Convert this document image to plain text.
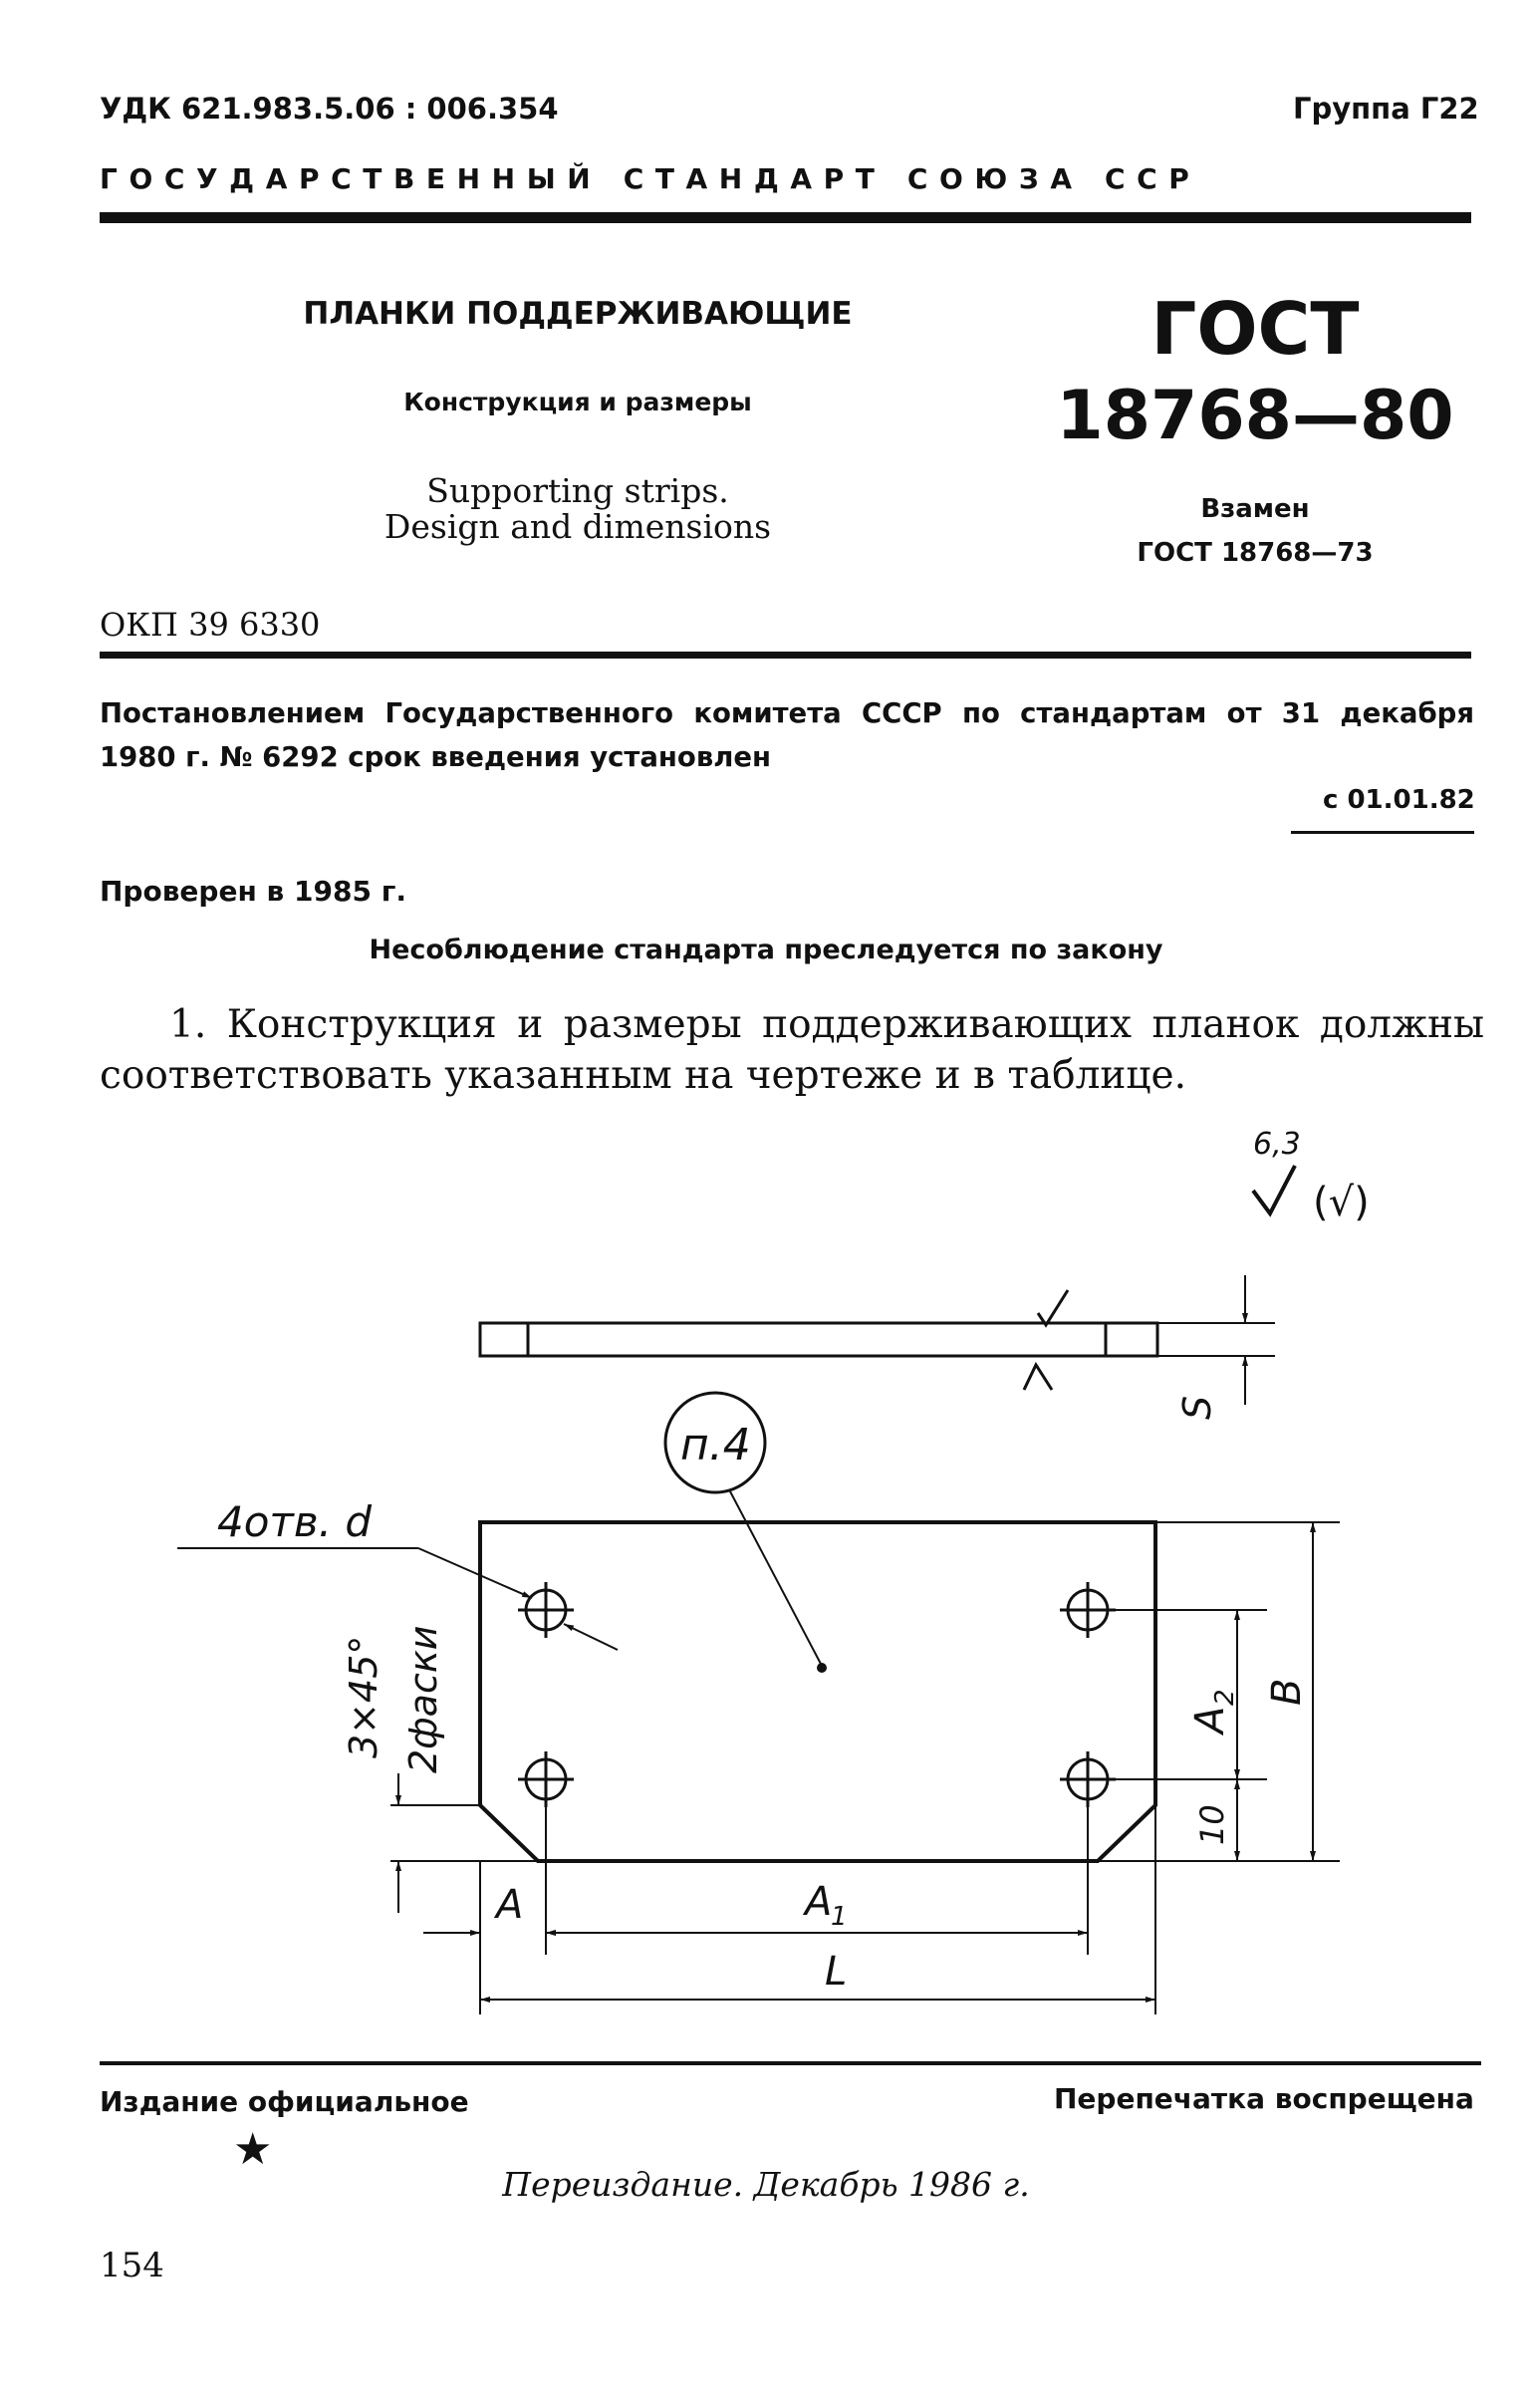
УДК 621.983.5.06 : 006.354	Группа Г22
ГОСУДАРСТВЕННЫЙ СТАНДАРТ СОЮЗА ССР
ПЛАНКИ ПОДДЕРЖИВАЮЩИЕ
Конструкция и размеры
Supporting strips.
Design and dimensions
ГОСТ
18768—80
Взамен
ГОСТ 18768—73
ОКП 39 6330
Постановлением Государственного комитета СССР по стандартам от 31 декабря 1980 г. № 6292 срок введения установлен
с 01.01.82
Проверен в 1985 г.
Несоблюдение стандарта преследуется по закону
1. Конструкция и размеры поддерживающих планок должны соответствовать указанным на чертеже и в таблице.
6,3
(√)
S
п.4
4отв. d
3×45° 2фаски
A	A
1
L
A
2 B
10
Издание официальное	Перепечатка воспрещена
★
Переиздание. Декабрь 1986 г.
154
